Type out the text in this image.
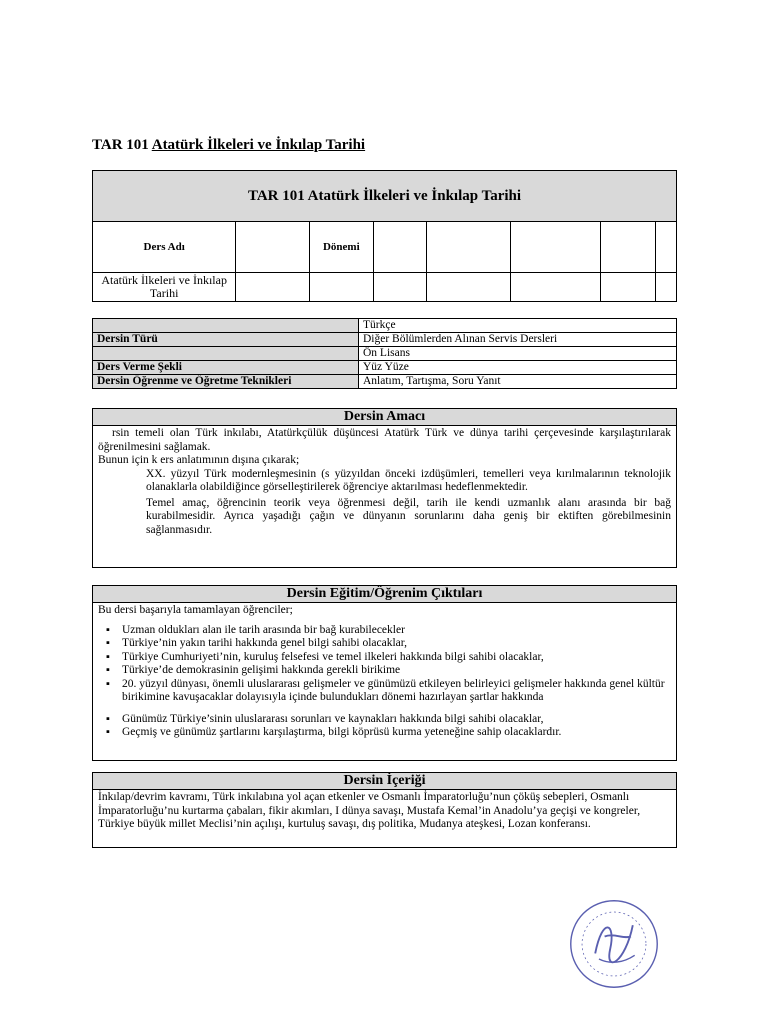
TAR 101 Atatürk İlkeleri ve İnkılap Tarihi
TAR 101 Atatürk İlkeleri ve İnkılap Tarihi							
Ders Adı		Dönemi					
Atatürk İlkeleri ve İnkılap Tarihi							
	Türkçe
Dersin Türü	Diğer Bölümlerden Alınan Servis Dersleri
	Ön Lisans
Ders Verme Şekli	Yüz Yüze
Dersin Öğrenme ve Öğretme Teknikleri	Anlatım, Tartışma, Soru Yanıt
Dersin Amacı
rsin temeli olan Türk inkılabı, Atatürkçülük düşüncesi Atatürk Türk ve dünya tarihi çerçevesinde karşılaştırılarak öğrenilmesini sağlamak.
Bunun için k ers anlatımının dışına çıkarak;
XX. yüzyıl Türk modernleşmesinin (s yüzyıldan önceki izdüşümleri, temelleri veya kırılmalarının teknolojik olanaklarla olabildiğince görselleştirilerek öğrenciye aktarılması hedeflenmektedir.
Temel amaç, öğrencinin teorik veya öğrenmesi değil, tarih ile kendi uzmanlık alanı arasında bir bağ kurabilmesidir. Ayrıca yaşadığı çağın ve dünyanın sorunlarını daha geniş bir ektiften görebilmesinin sağlanmasıdır.
Dersin Eğitim/Öğrenim Çıktıları
Bu dersi başarıyla tamamlayan öğrenciler;
▪ Uzman oldukları alan ile tarih arasında bir bağ kurabilecekler
▪ Türkiye’nin yakın tarihi hakkında genel bilgi sahibi olacaklar,
▪ Türkiye Cumhuriyeti’nin, kuruluş felsefesi ve temel ilkeleri hakkında bilgi sahibi olacaklar,
▪ Türkiye’de demokrasinin gelişimi hakkında gerekli birikime
▪ 20. yüzyıl dünyası, önemli uluslararası gelişmeler ve günümüzü etkileyen belirleyici gelişmeler hakkında genel kültür birikimine kavuşacaklar dolayısıyla içinde bulundukları dönemi hazırlayan şartlar hakkında
▪ Günümüz Türkiye’sinin uluslararası sorunları ve kaynakları hakkında bilgi sahibi olacaklar,
▪ Geçmiş ve günümüz şartlarını karşılaştırma, bilgi köprüsü kurma yeteneğine sahip olacaklardır.
Dersin İçeriği
İnkılap/devrim kavramı, Türk inkılabına yol açan etkenler ve Osmanlı İmparatorluğu’nun çöküş sebepleri, Osmanlı İmparatorluğu’nu kurtarma çabaları, fikir akımları, I dünya savaşı, Mustafa Kemal’in Anadolu’ya geçişi ve kongreler, Türkiye büyük millet Meclisi’nin açılışı, kurtuluş savaşı, dış politika, Mudanya ateşkesi, Lozan konferansı.
